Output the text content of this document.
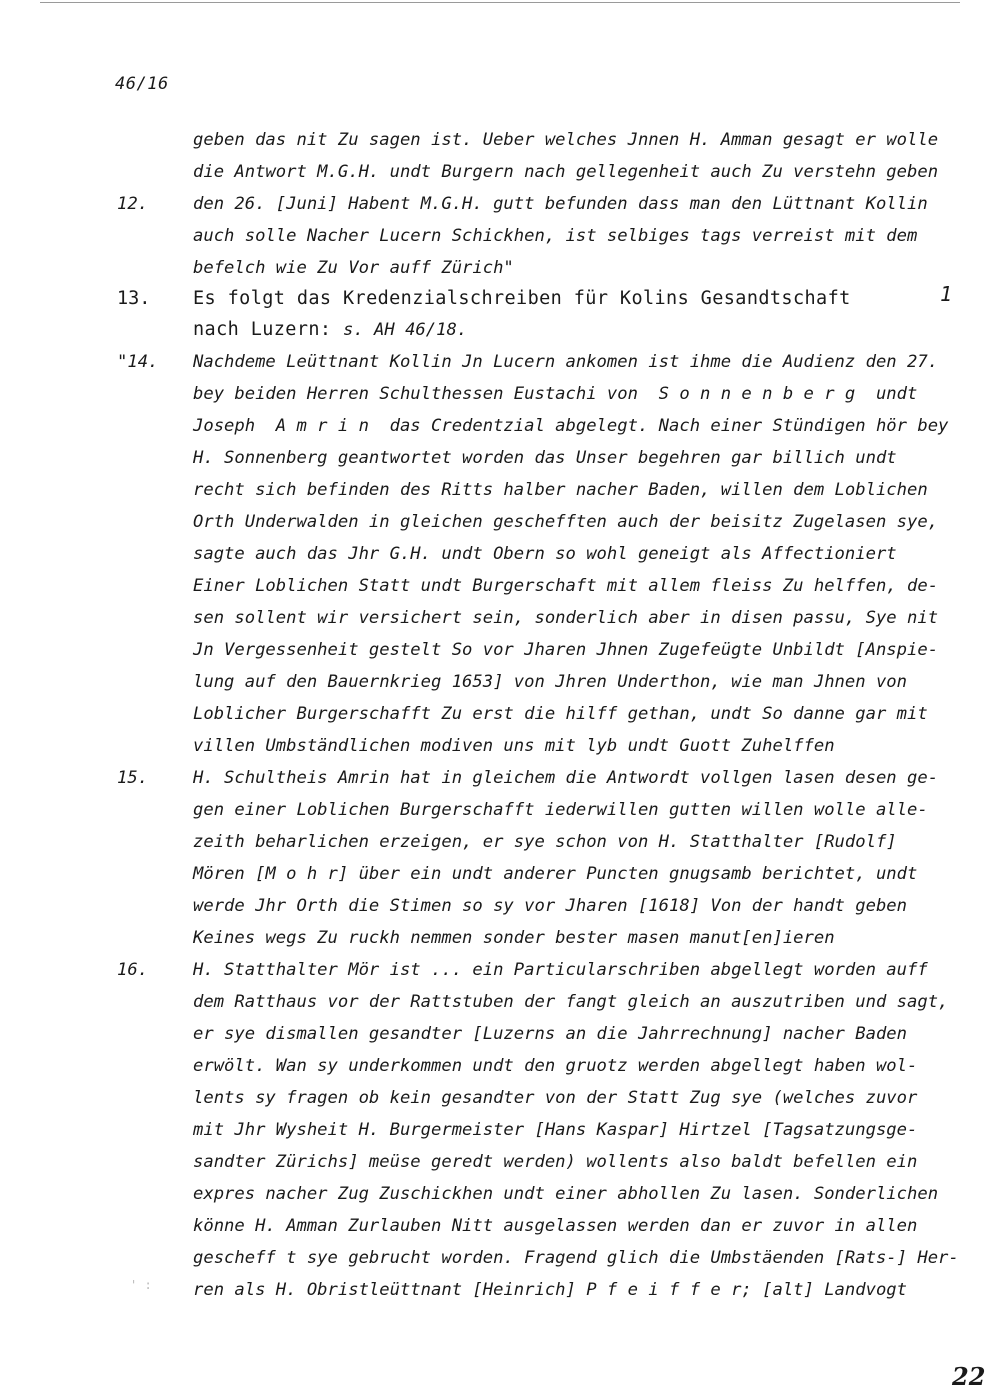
46/16
geben das nit Zu sagen ist. Ueber welches Jnnen H. Amman gesagt er wolle
die Antwort M.G.H. undt Burgern nach gellegenheit auch Zu verstehn geben
12.	den 26. [Juni] Habent M.G.H. gutt befunden dass man den Lüttnant Kollin
auch solle Nacher Lucern Schickhen, ist selbiges tags verreist mit dem
befelch wie Zu Vor auff Zürich"
13. Es folgt das Kredenzialschreiben für Kolins Gesandtschaft	1
nach Luzern: s. AH 46/18.
"14. Nachdeme Leüttnant Kollin Jn Lucern ankomen ist ihme die Audienz den 27.
bey beiden Herren Schulthessen Eustachi von  S o n n e n b e r g  undt
Joseph  A m r i n  das Credentzial abgelegt. Nach einer Stündigen hör bey
H. Sonnenberg geantwortet worden das Unser begehren gar billich undt
recht sich befinden des Ritts halber nacher Baden, willen dem Loblichen
Orth Underwalden in gleichen geschefften auch der beisitz Zugelasen sye,
sagte auch das Jhr G.H. undt Obern so wohl geneigt als Affectioniert
Einer Loblichen Statt undt Burgerschaft mit allem fleiss Zu helffen, de-
sen sollent wir versichert sein, sonderlich aber in disen passu, Sye nit
Jn Vergessenheit gestelt So vor Jharen Jhnen Zugefeügte Unbildt [Anspie-
lung auf den Bauernkrieg 1653] von Jhren Underthon, wie man Jhnen von
Loblicher Burgerschafft Zu erst die hilff gethan, undt So danne gar mit
villen Umbständlichen modiven uns mit lyb undt Guott Zuhelffen
15.	H. Schultheis Amrin hat in gleichem die Antwordt vollgen lasen desen ge-
gen einer Loblichen Burgerschafft iederwillen gutten willen wolle alle-
zeith beharlichen erzeigen, er sye schon von H. Statthalter [Rudolf]
Mören [M o h r] über ein undt anderer Puncten gnugsamb berichtet, undt
werde Jhr Orth die Stimen so sy vor Jharen [1618] Von der handt geben
Keines wegs Zu ruckh nemmen sonder bester masen manut[en]ieren
16.	H. Statthalter Mör ist ... ein Particularschriben abgellegt worden auff
dem Ratthaus vor der Rattstuben der fangt gleich an auszutriben und sagt,
er sye dismallen gesandter [Luzerns an die Jahrrechnung] nacher Baden
erwölt. Wan sy underkommen undt den gruotz werden abgellegt haben wol-
lents sy fragen ob kein gesandter von der Statt Zug sye (welches zuvor
mit Jhr Wysheit H. Burgermeister [Hans Kaspar] Hirtzel [Tagsatzungsge-
sandter Zürichs] meüse geredt werden) wollents also baldt befellen ein
expres nacher Zug Zuschickhen undt einer abhollen Zu lasen. Sonderlichen
könne H. Amman Zurlauben Nitt ausgelassen werden dan er zuvor in allen
gescheff t sye gebrucht worden. Fragend glich die Umbstäenden [Rats-] Her-
ren als H. Obristleüttnant [Heinrich] P f e i f f e r; [alt] Landvogt
' :
22
